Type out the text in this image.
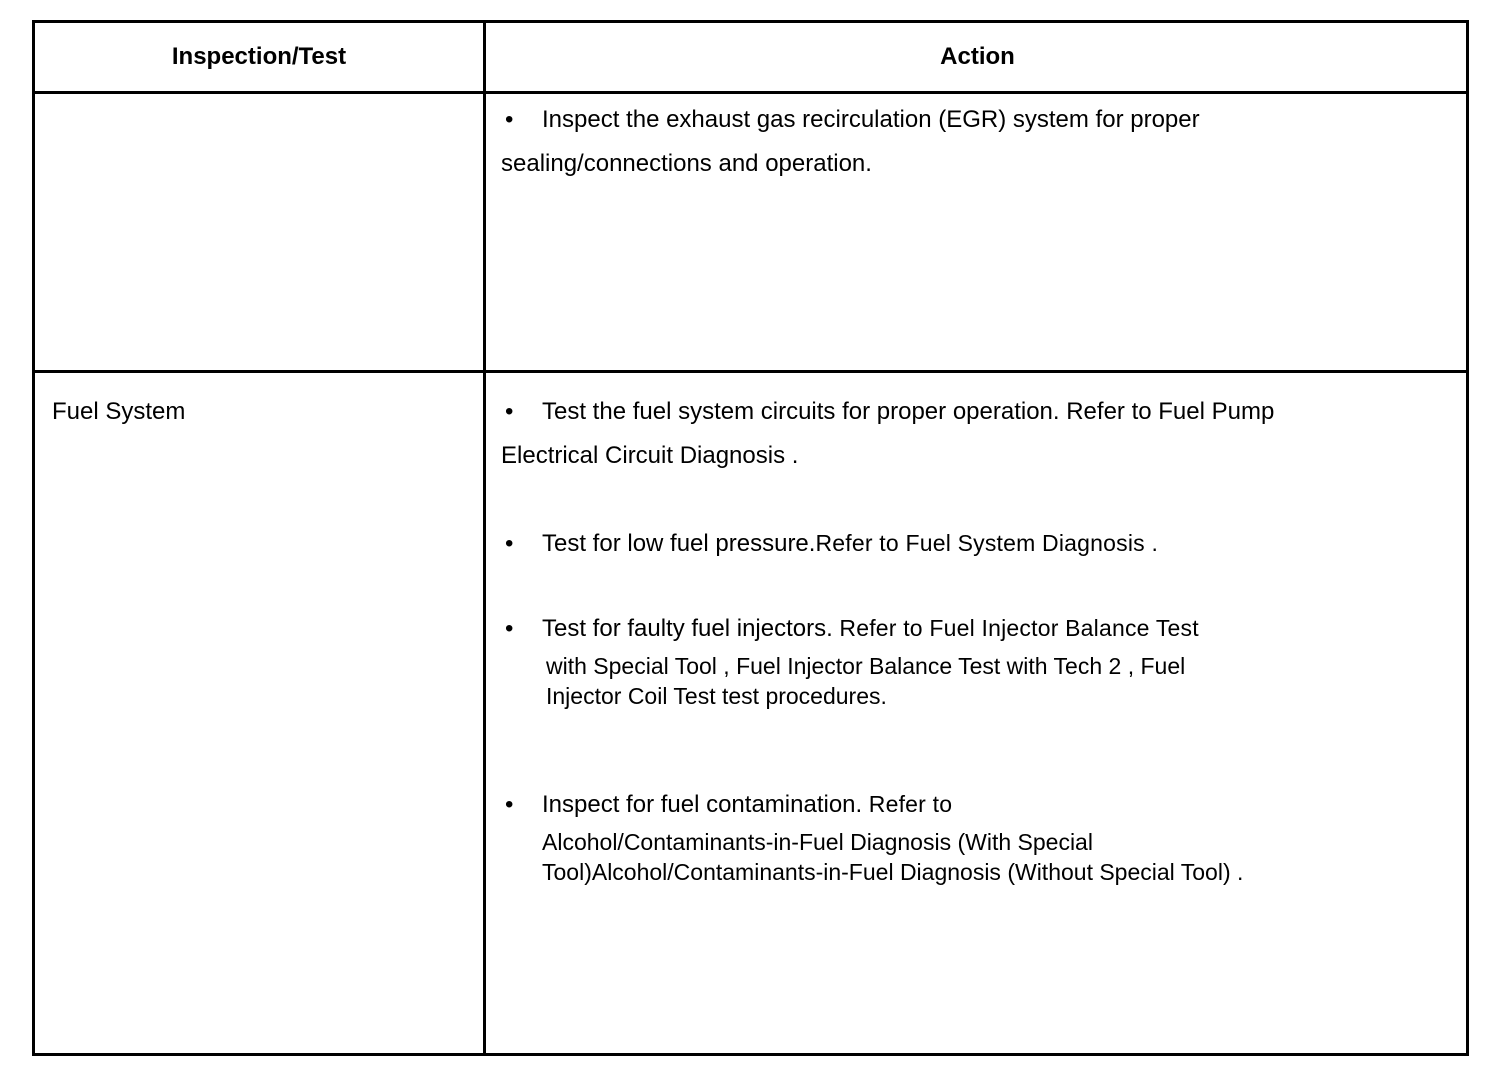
Inspection/Test	Action
• Inspect the exhaust gas recirculation (EGR) system for proper
sealing/connections and operation.
Fuel System	• Test the fuel system circuits for proper operation. Refer to Fuel Pump
Electrical Circuit Diagnosis .
• Test for low fuel pressure.Refer to Fuel System Diagnosis .
• Test for faulty fuel injectors. Refer to Fuel Injector Balance Test
with Special Tool , Fuel Injector Balance Test with Tech 2 , Fuel
Injector Coil Test test procedures.
• Inspect for fuel contamination. Refer to
Alcohol/Contaminants-in-Fuel Diagnosis (With Special
Tool)Alcohol/Contaminants-in-Fuel Diagnosis (Without Special Tool) .
